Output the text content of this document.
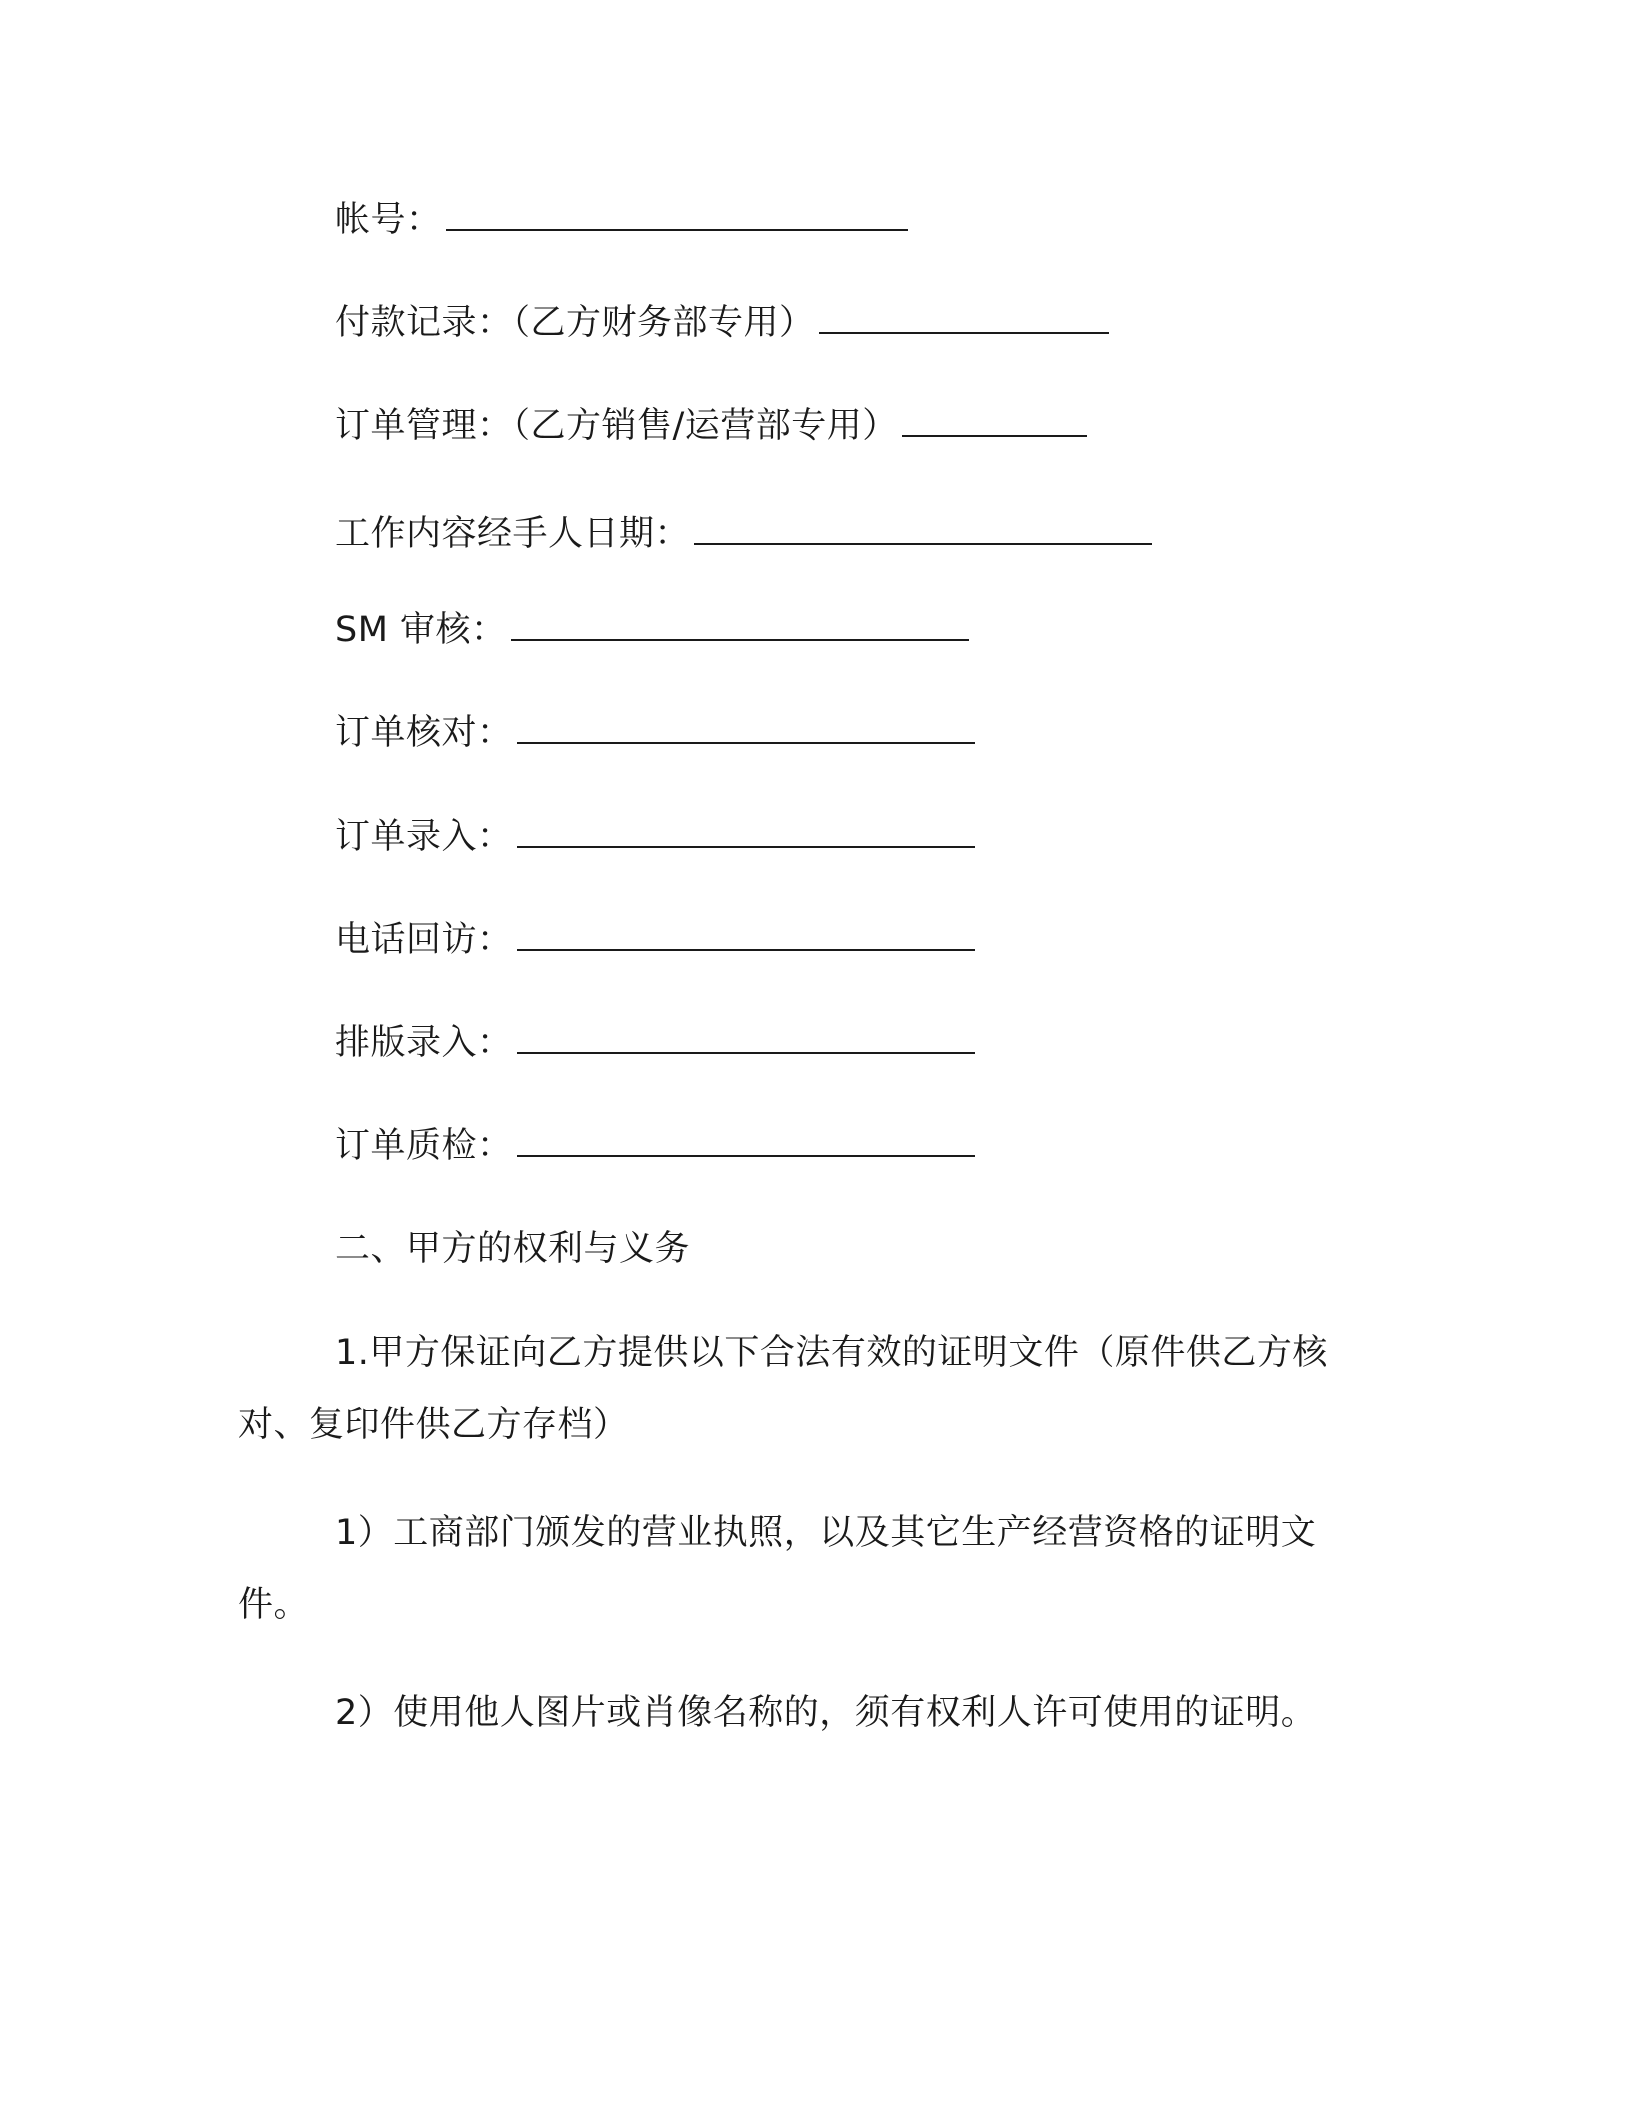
帐号：
付款记录：（乙方财务部专用）
订单管理：（乙方销售/运营部专用）
工作内容经手人日期：
SM 审核：
订单核对：
订单录入：
电话回访：
排版录入：
订单质检：
二、甲方的权利与义务
1.甲方保证向乙方提供以下合法有效的证明文件（原件供乙方核对、复印件供乙方存档）
1）工商部门颁发的营业执照，以及其它生产经营资格的证明文件。
2）使用他人图片或肖像名称的，须有权利人许可使用的证明。
